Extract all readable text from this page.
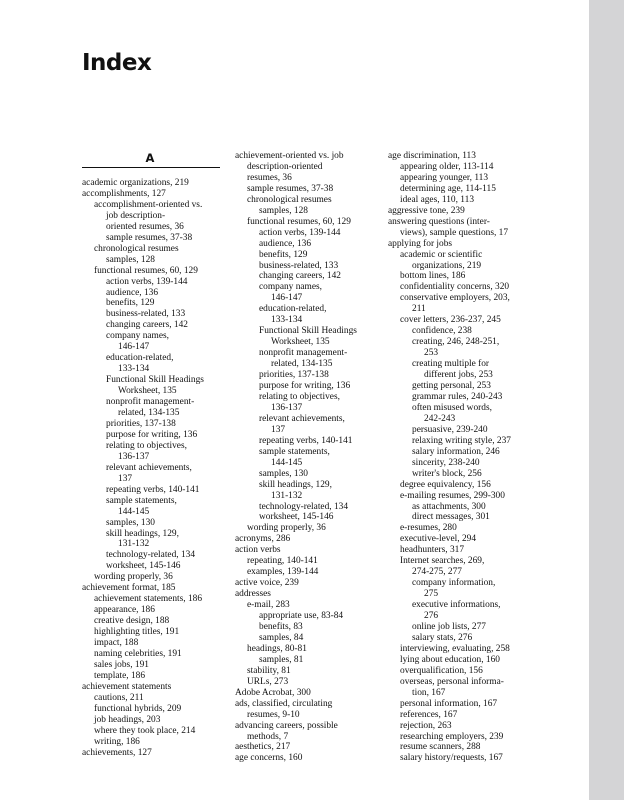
Index
A
academic organizations, 219
accomplishments, 127
accomplishment-oriented vs.
job description-
oriented resumes, 36
sample resumes, 37-38
chronological resumes
samples, 128
functional resumes, 60, 129
action verbs, 139-144
audience, 136
benefits, 129
business-related, 133
changing careers, 142
company names,
146-147
education-related,
133-134
Functional Skill Headings
Worksheet, 135
nonprofit management-
related, 134-135
priorities, 137-138
purpose for writing, 136
relating to objectives,
136-137
relevant achievements,
137
repeating verbs, 140-141
sample statements,
144-145
samples, 130
skill headings, 129,
131-132
technology-related, 134
worksheet, 145-146
wording properly, 36
achievement format, 185
achievement statements, 186
appearance, 186
creative design, 188
highlighting titles, 191
impact, 188
naming celebrities, 191
sales jobs, 191
template, 186
achievement statements
cautions, 211
functional hybrids, 209
job headings, 203
where they took place, 214
writing, 186
achievements, 127
achievement-oriented vs. job
description-oriented
resumes, 36
sample resumes, 37-38
chronological resumes
samples, 128
functional resumes, 60, 129
action verbs, 139-144
audience, 136
benefits, 129
business-related, 133
changing careers, 142
company names,
146-147
education-related,
133-134
Functional Skill Headings
Worksheet, 135
nonprofit management-
related, 134-135
priorities, 137-138
purpose for writing, 136
relating to objectives,
136-137
relevant achievements,
137
repeating verbs, 140-141
sample statements,
144-145
samples, 130
skill headings, 129,
131-132
technology-related, 134
worksheet, 145-146
wording properly, 36
acronyms, 286
action verbs
repeating, 140-141
examples, 139-144
active voice, 239
addresses
e-mail, 283
appropriate use, 83-84
benefits, 83
samples, 84
headings, 80-81
samples, 81
stability, 81
URLs, 273
Adobe Acrobat, 300
ads, classified, circulating
resumes, 9-10
advancing careers, possible
methods, 7
aesthetics, 217
age concerns, 160
age discrimination, 113
appearing older, 113-114
appearing younger, 113
determining age, 114-115
ideal ages, 110, 113
aggressive tone, 239
answering questions (inter-
views), sample questions, 17
applying for jobs
academic or scientific
organizations, 219
bottom lines, 186
confidentiality concerns, 320
conservative employers, 203,
211
cover letters, 236-237, 245
confidence, 238
creating, 246, 248-251,
253
creating multiple for
different jobs, 253
getting personal, 253
grammar rules, 240-243
often misused words,
242-243
persuasive, 239-240
relaxing writing style, 237
salary information, 246
sincerity, 238-240
writer's block, 256
degree equivalency, 156
e-mailing resumes, 299-300
as attachments, 300
direct messages, 301
e-resumes, 280
executive-level, 294
headhunters, 317
Internet searches, 269,
274-275, 277
company information,
275
executive informations,
276
online job lists, 277
salary stats, 276
interviewing, evaluating, 258
lying about education, 160
overqualification, 156
overseas, personal informa-
tion, 167
personal information, 167
references, 167
rejection, 263
researching employers, 239
resume scanners, 288
salary history/requests, 167
